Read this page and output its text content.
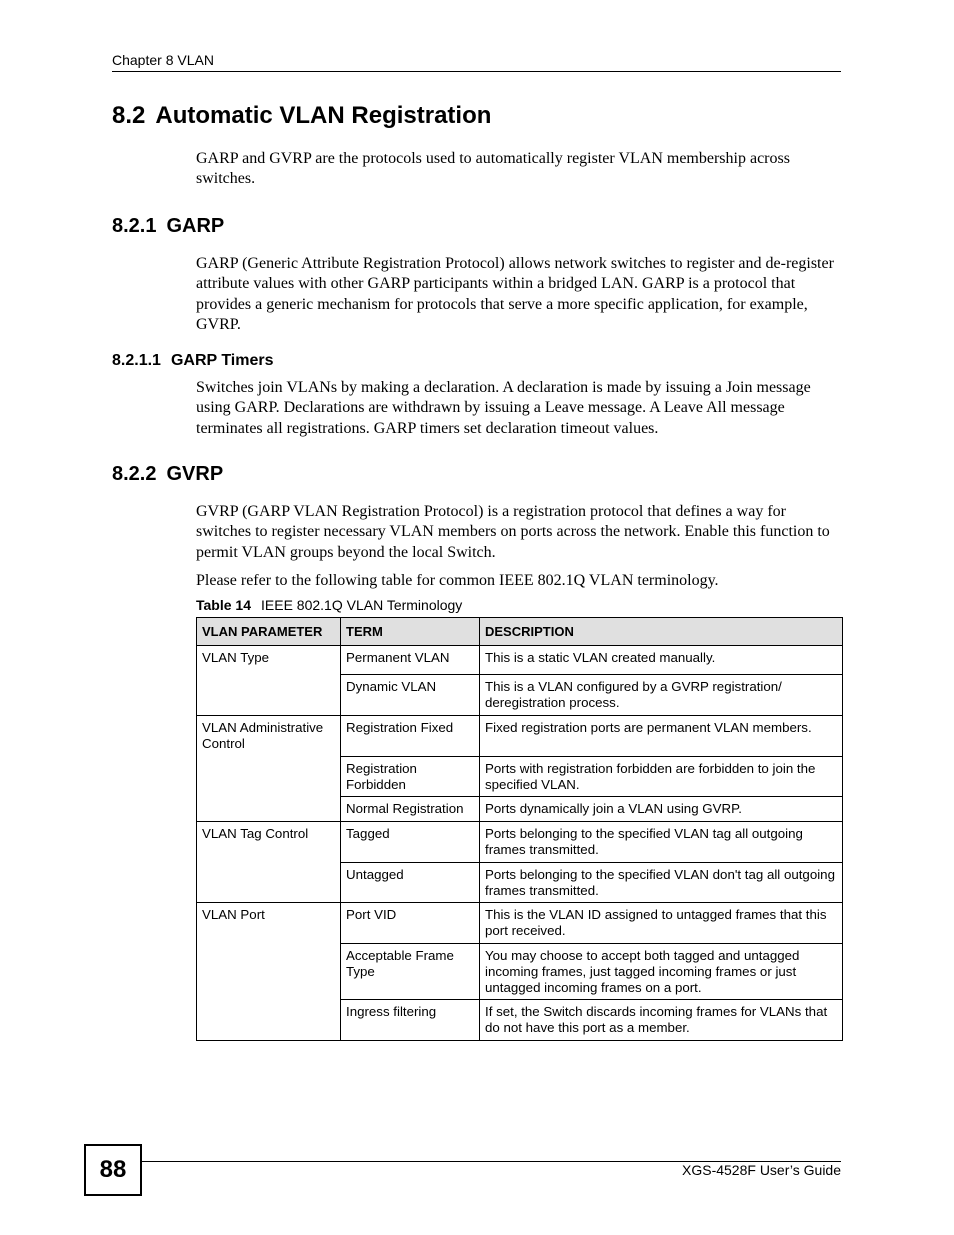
Chapter 8 VLAN
8.2 Automatic VLAN Registration

GARP and GVRP are the protocols used to automatically register VLAN membership across switches.

8.2.1 GARP

GARP (Generic Attribute Registration Protocol) allows network switches to register and de-register attribute values with other GARP participants within a bridged LAN. GARP is a protocol that provides a generic mechanism for protocols that serve a more specific application, for example, GVRP.

8.2.1.1 GARP Timers

Switches join VLANs by making a declaration. A declaration is made by issuing a Join message using GARP. Declarations are withdrawn by issuing a Leave message. A Leave All message terminates all registrations. GARP timers set declaration timeout values.

8.2.2 GVRP

GVRP (GARP VLAN Registration Protocol) is a registration protocol that defines a way for switches to register necessary VLAN members on ports across the network. Enable this function to permit VLAN groups beyond the local Switch.

Please refer to the following table for common IEEE 802.1Q VLAN terminology.

Table 14 IEEE 802.1Q VLAN Terminology
VLAN PARAMETER	TERM	DESCRIPTION
VLAN Type	Permanent VLAN	This is a static VLAN created manually.
	Dynamic VLAN	This is a VLAN configured by a GVRP registration/ deregistration process.
VLAN Administrative Control	Registration Fixed	Fixed registration ports are permanent VLAN members.
	Registration Forbidden	Ports with registration forbidden are forbidden to join the specified VLAN.
	Normal Registration	Ports dynamically join a VLAN using GVRP.
VLAN Tag Control	Tagged	Ports belonging to the specified VLAN tag all outgoing frames transmitted.
	Untagged	Ports belonging to the specified VLAN don't tag all outgoing frames transmitted.
VLAN Port	Port VID	This is the VLAN ID assigned to untagged frames that this port received.
	Acceptable Frame Type	You may choose to accept both tagged and untagged incoming frames, just tagged incoming frames or just untagged incoming frames on a port.
	Ingress filtering	If set, the Switch discards incoming frames for VLANs that do not have this port as a member.
88	XGS-4528F User’s Guide
